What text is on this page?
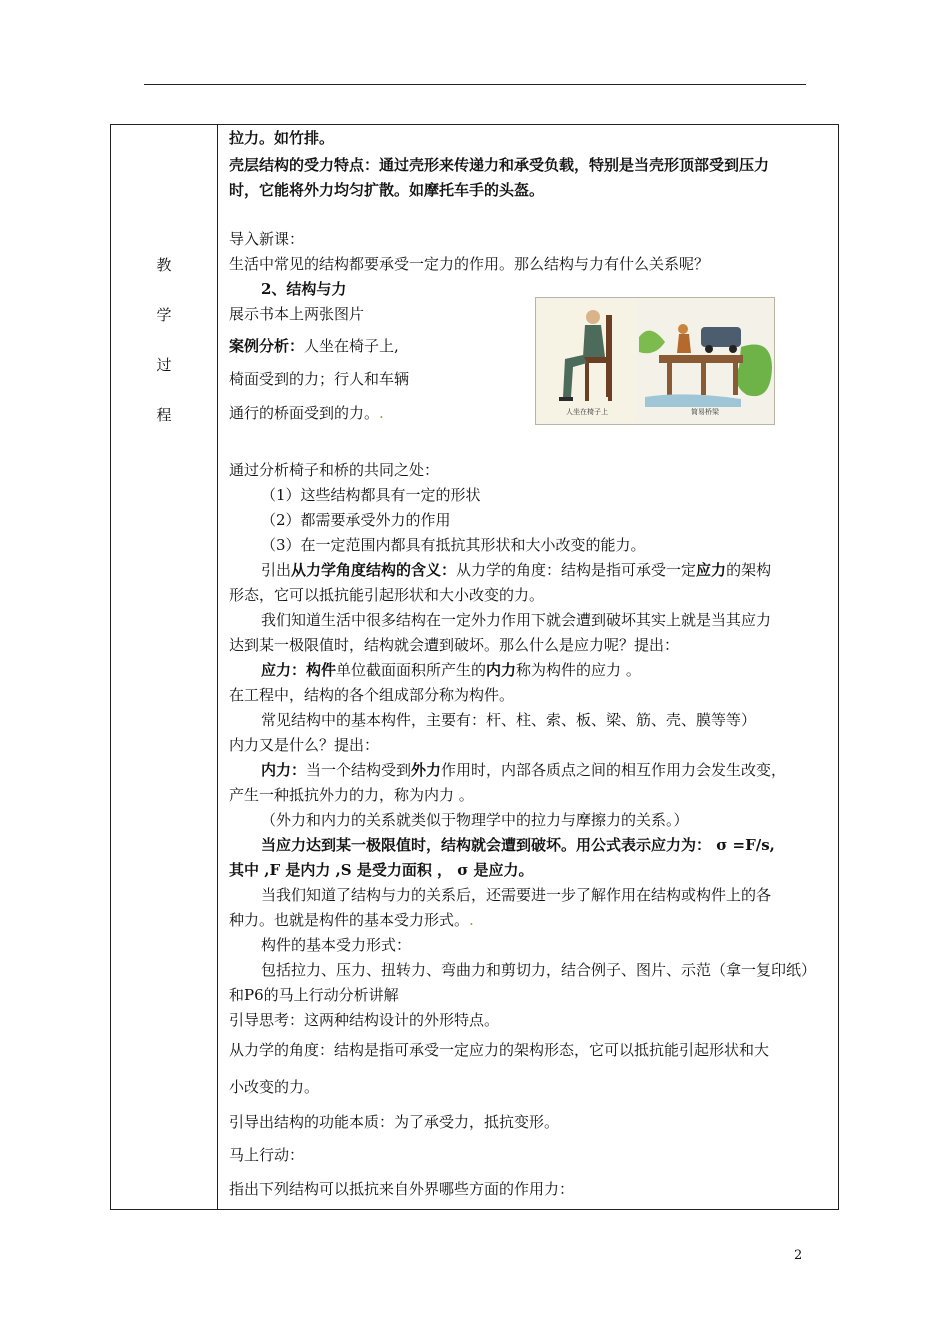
教
学
过
程
拉力。如竹排。
壳层结构的受力特点：通过壳形来传递力和承受负载，特别是当壳形顶部受到压力
时，它能将外力均匀扩散。如摩托车手的头盔。
导入新课：
生活中常见的结构都要承受一定力的作用。那么结构与力有什么关系呢？
2、结构与力
展示书本上两张图片
案例分析：人坐在椅子上,
椅面受到的力；行人和车辆
通行的桥面受到的力。.
通过分析椅子和桥的共同之处：
（1）这些结构都具有一定的形状
（2）都需要承受外力的作用
（3）在一定范围内都具有抵抗其形状和大小改变的能力。
引出从力学角度结构的含义：从力学的角度：结构是指可承受一定应力的架构
形态，它可以抵抗能引起形状和大小改变的力。
我们知道生活中很多结构在一定外力作用下就会遭到破坏其实上就是当其应力
达到某一极限值时，结构就会遭到破坏。那么什么是应力呢？提出：
应力：构件单位截面面积所产生的内力称为构件的应力 。
在工程中，结构的各个组成部分称为构件。
常见结构中的基本构件，主要有：杆、柱、索、板、梁、筋、壳、膜等等）
内力又是什么？提出：
内力：当一个结构受到外力作用时，内部各质点之间的相互作用力会发生改变，
产生一种抵抗外力的力，称为内力 。
（外力和内力的关系就类似于物理学中的拉力与摩擦力的关系。）
当应力达到某一极限值时，结构就会遭到破坏。用公式表示应力为： σ =F/s,
其中 ,F 是内力 ,S 是受力面积 ， σ 是应力。
当我们知道了结构与力的关系后，还需要进一步了解作用在结构或构件上的各
种力。也就是构件的基本受力形式。.
构件的基本受力形式：
包括拉力、压力、扭转力、弯曲力和剪切力，结合例子、图片、示范（拿一复印纸）
和P6的马上行动分析讲解
引导思考：这两种结构设计的外形特点。
从力学的角度：结构是指可承受一定应力的架构形态，它可以抵抗能引起形状和大
小改变的力。
引导出结构的功能本质：为了承受力，抵抗变形。
马上行动：
指出下列结构可以抵抗来自外界哪些方面的作用力：
人坐在椅子上	简易桥梁
2
